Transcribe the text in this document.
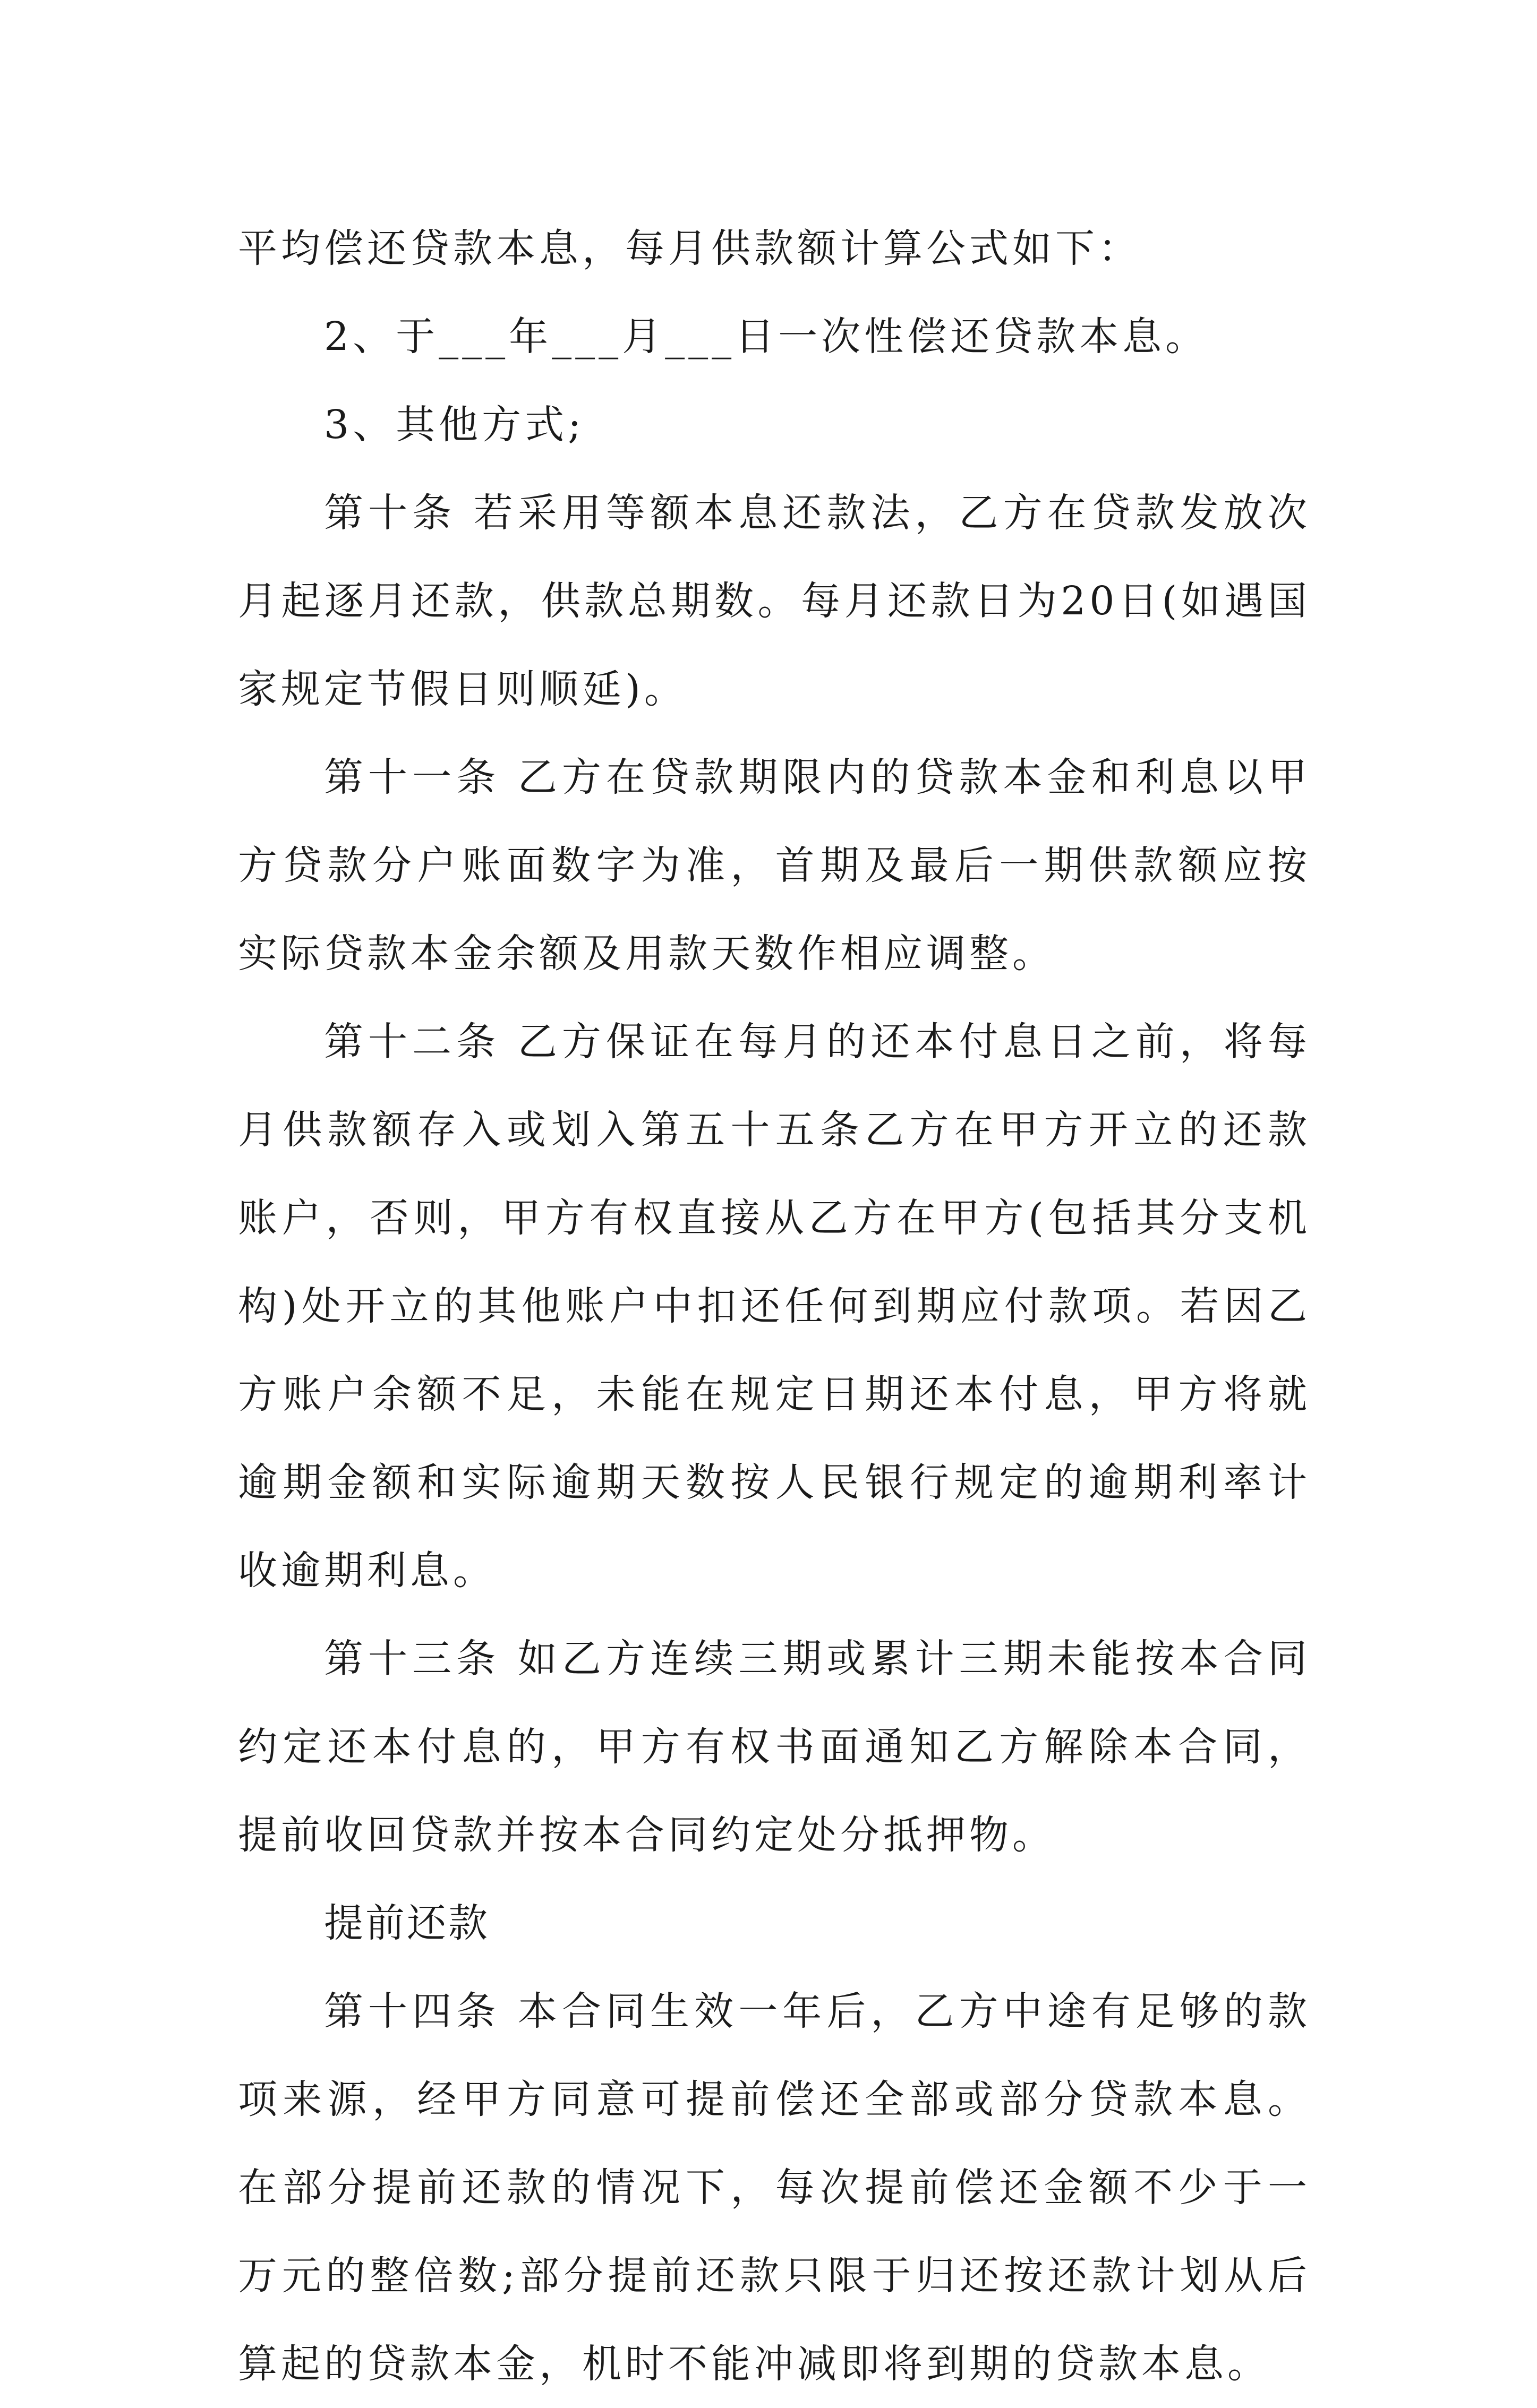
平均偿还贷款本息，每月供款额计算公式如下：

2、于___年___月___日一次性偿还贷款本息。

3、其他方式;

第十条 若采用等额本息还款法，乙方在贷款发放次月起逐月还款，供款总期数。每月还款日为20日(如遇国家规定节假日则顺延)。

第十一条 乙方在贷款期限内的贷款本金和利息以甲方贷款分户账面数字为准，首期及最后一期供款额应按实际贷款本金余额及用款天数作相应调整。

第十二条 乙方保证在每月的还本付息日之前，将每月供款额存入或划入第五十五条乙方在甲方开立的还款账户，否则，甲方有权直接从乙方在甲方(包括其分支机构)处开立的其他账户中扣还任何到期应付款项。若因乙方账户余额不足，未能在规定日期还本付息，甲方将就逾期金额和实际逾期天数按人民银行规定的逾期利率计收逾期利息。

第十三条 如乙方连续三期或累计三期未能按本合同约定还本付息的，甲方有权书面通知乙方解除本合同，提前收回贷款并按本合同约定处分抵押物。

提前还款

第十四条 本合同生效一年后，乙方中途有足够的款项来源，经甲方同意可提前偿还全部或部分贷款本息。在部分提前还款的情况下，每次提前偿还金额不少于一万元的整倍数;部分提前还款只限于归还按还款计划从后算起的贷款本金，机时不能冲减即将到期的贷款本息。
